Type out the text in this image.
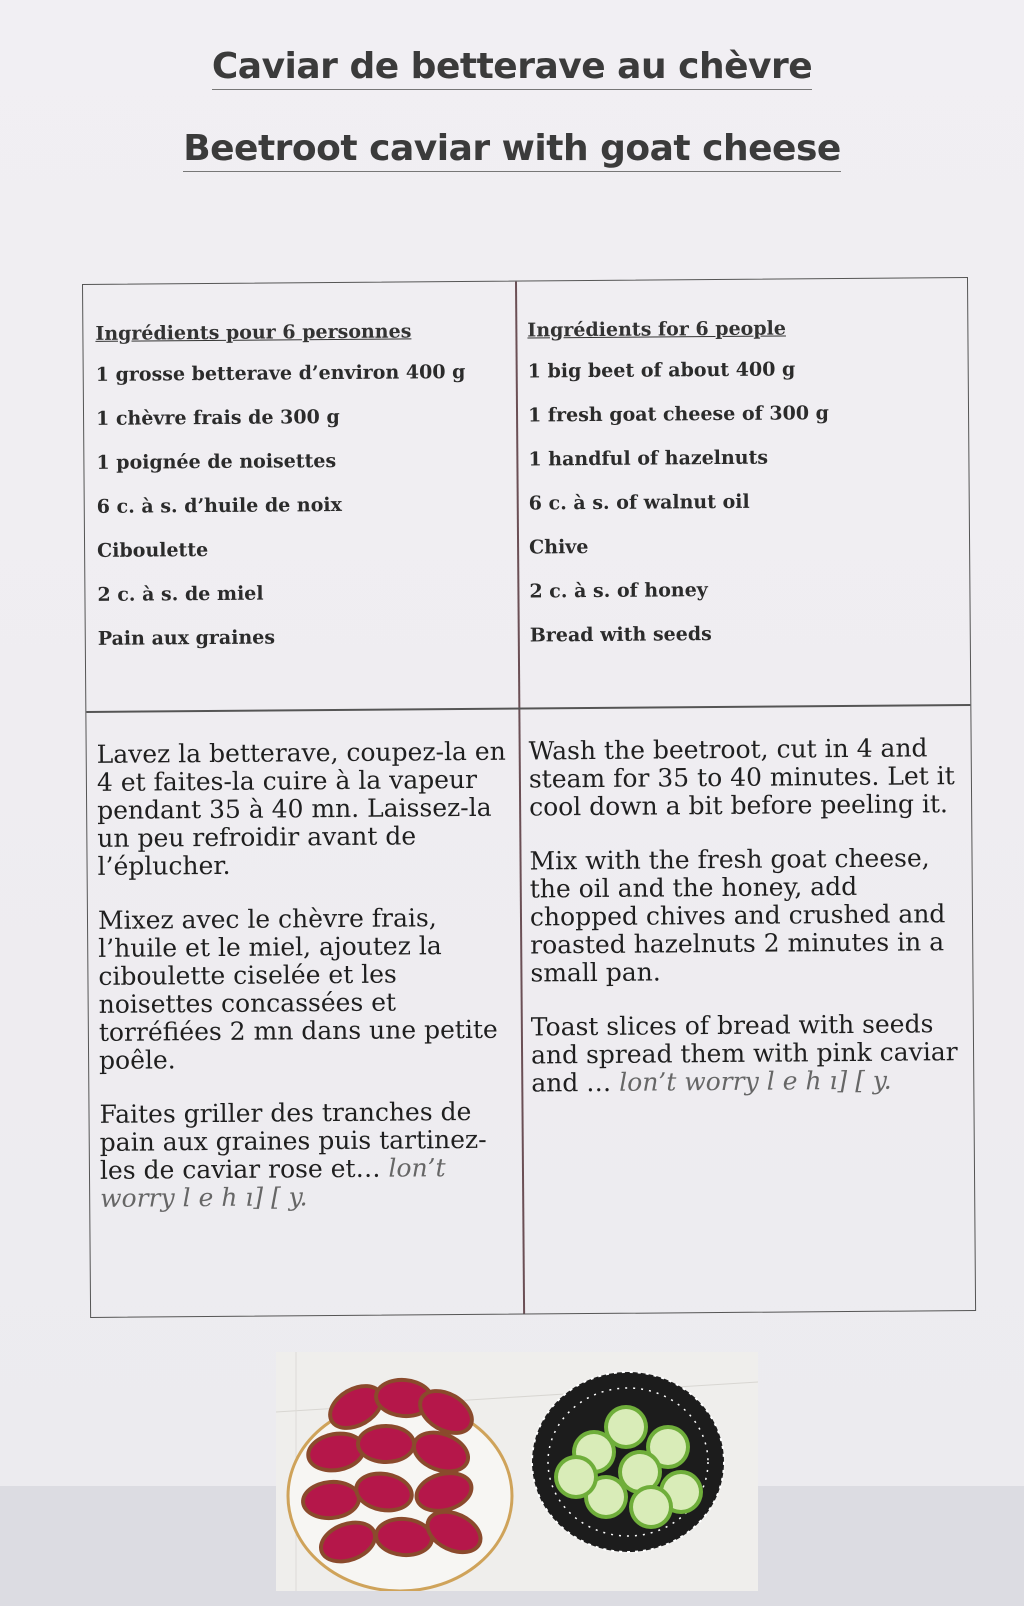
Caviar de betterave au chèvre
Beetroot caviar with goat cheese
Ingrédients pour 6 personnes
1 grosse betterave d’environ 400 g
1 chèvre frais de 300 g
1 poignée de noisettes
6 c. à s. d’huile de noix
Ciboulette
2 c. à s. de miel
Pain aux graines
Ingrédients for 6 people
1 big beet of about 400 g
1 fresh goat cheese of 300 g
1 handful of hazelnuts
6 c. à s. of walnut oil
Chive
2 c. à s. of honey
Bread with seeds
Lavez la betterave, coupez-la en 4 et faites-la cuire à la vapeur pendant 35 à 40 mn. Laissez-la un peu refroidir avant de l’éplucher.
Mixez avec le chèvre frais, l’huile et le miel, ajoutez la ciboulette ciselée et les noisettes concassées et torréfiées 2 mn dans une petite poêle.
Faites griller des tranches de pain aux graines puis tartinez-les de caviar rose et… lon’t worry l e h ı] [ y.
Wash the beetroot, cut in 4 and steam for 35 to 40 minutes. Let it cool down a bit before peeling it.
Mix with the fresh goat cheese, the oil and the honey, add chopped chives and crushed and roasted hazelnuts 2 minutes in a small pan.
Toast slices of bread with seeds and spread them with pink caviar and … lon’t worry l e h ı] [ y.
